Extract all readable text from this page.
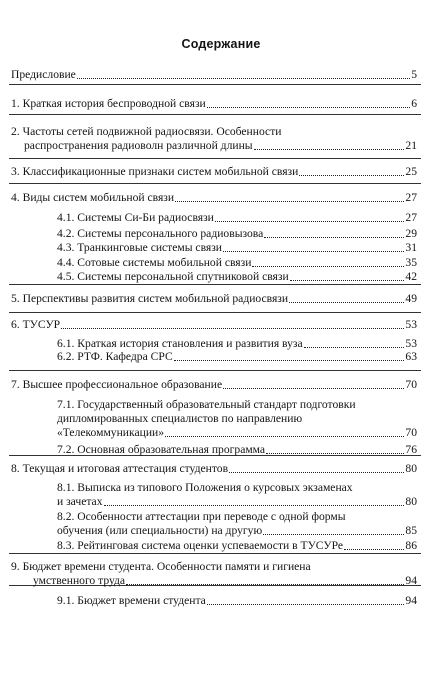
Содержание
Предисловие	5
1. Краткая история беспроводной связи	6
2. Частоты сетей подвижной радиосвязи. Особенности
распространения радиоволн различной длины	21
3. Классификационные признаки систем мобильной связи	25
4. Виды систем мобильной связи	27
4.1. Системы Си-Би радиосвязи	27
4.2. Системы персонального радиовызова	29
4.3. Транкинговые системы связи	31
4.4. Сотовые системы мобильной связи	35
4.5. Системы персональной спутниковой связи	42
5. Перспективы развития систем мобильной радиосвязи	49
6. ТУСУР	53
6.1. Краткая история становления и развития вуза	53
6.2. РТФ. Кафедра СРС	63
7. Высшее профессиональное образование	70
7.1. Государственный образовательный стандарт подготовки
дипломированных специалистов по направлению
«Телекоммуникации»	70
7.2. Основная образовательная программа	76
8. Текущая и итоговая аттестация студентов	80
8.1. Выписка из типового Положения о курсовых экзаменах
и зачетах	80
8.2. Особенности аттестации при переводе с одной формы
обучения (или специальности) на другую	85
8.3. Рейтинговая система оценки успеваемости в ТУСУРе	86
9. Бюджет времени студента. Особенности памяти и гигиена
умственного труда	94
9.1. Бюджет времени студента	94
